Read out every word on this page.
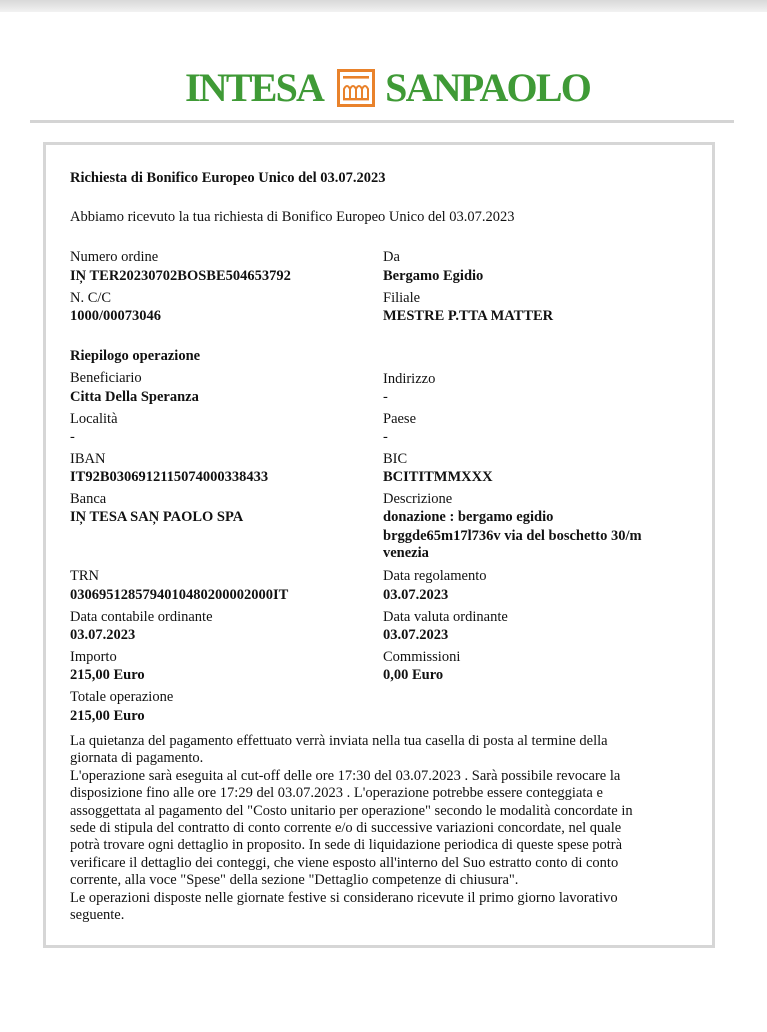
INTESA SANPAOLO
Richiesta di Bonifico Europeo Unico del 03.07.2023
Abbiamo ricevuto la tua richiesta di Bonifico Europeo Unico del 03.07.2023
Numero ordine
IŅ TER20230702BOSBE504653792
Da
Bergamo Egidio
N. C/C
1000/00073046
Filiale
MESTRE P.TTA MATTER
Riepilogo operazione
Beneficiario
Citta Della Speranza
Indirizzo
-
Località
-
Paese
-
IBAN
IT92B0306912115074000338433
BIC
BCITITMMXXX
Banca
IŅ TESA SAŅ PAOLO SPA
Descrizione
donazione : bergamo egidio
brggde65m17l736v via del boschetto 30/m
venezia
TRN
0306951285794010480200002000IT
Data regolamento
03.07.2023
Data contabile ordinante
03.07.2023
Data valuta ordinante
03.07.2023
Importo
215,00 Euro
Commissioni
0,00 Euro
Totale operazione
215,00 Euro
La quietanza del pagamento effettuato verrà inviata nella tua casella di posta al termine della
giornata di pagamento.
L'operazione sarà eseguita al cut-off delle ore 17:30 del 03.07.2023 . Sarà possibile revocare la
disposizione fino alle ore 17:29 del 03.07.2023 . L'operazione potrebbe essere conteggiata e
assoggettata al pagamento del "Costo unitario per operazione" secondo le modalità concordate in
sede di stipula del contratto di conto corrente e/o di successive variazioni concordate, nel quale
potrà trovare ogni dettaglio in proposito. In sede di liquidazione periodica di queste spese potrà
verificare il dettaglio dei conteggi, che viene esposto all'interno del Suo estratto conto di conto
corrente, alla voce "Spese" della sezione "Dettaglio competenze di chiusura".
Le operazioni disposte nelle giornate festive si considerano ricevute il primo giorno lavorativo
seguente.
